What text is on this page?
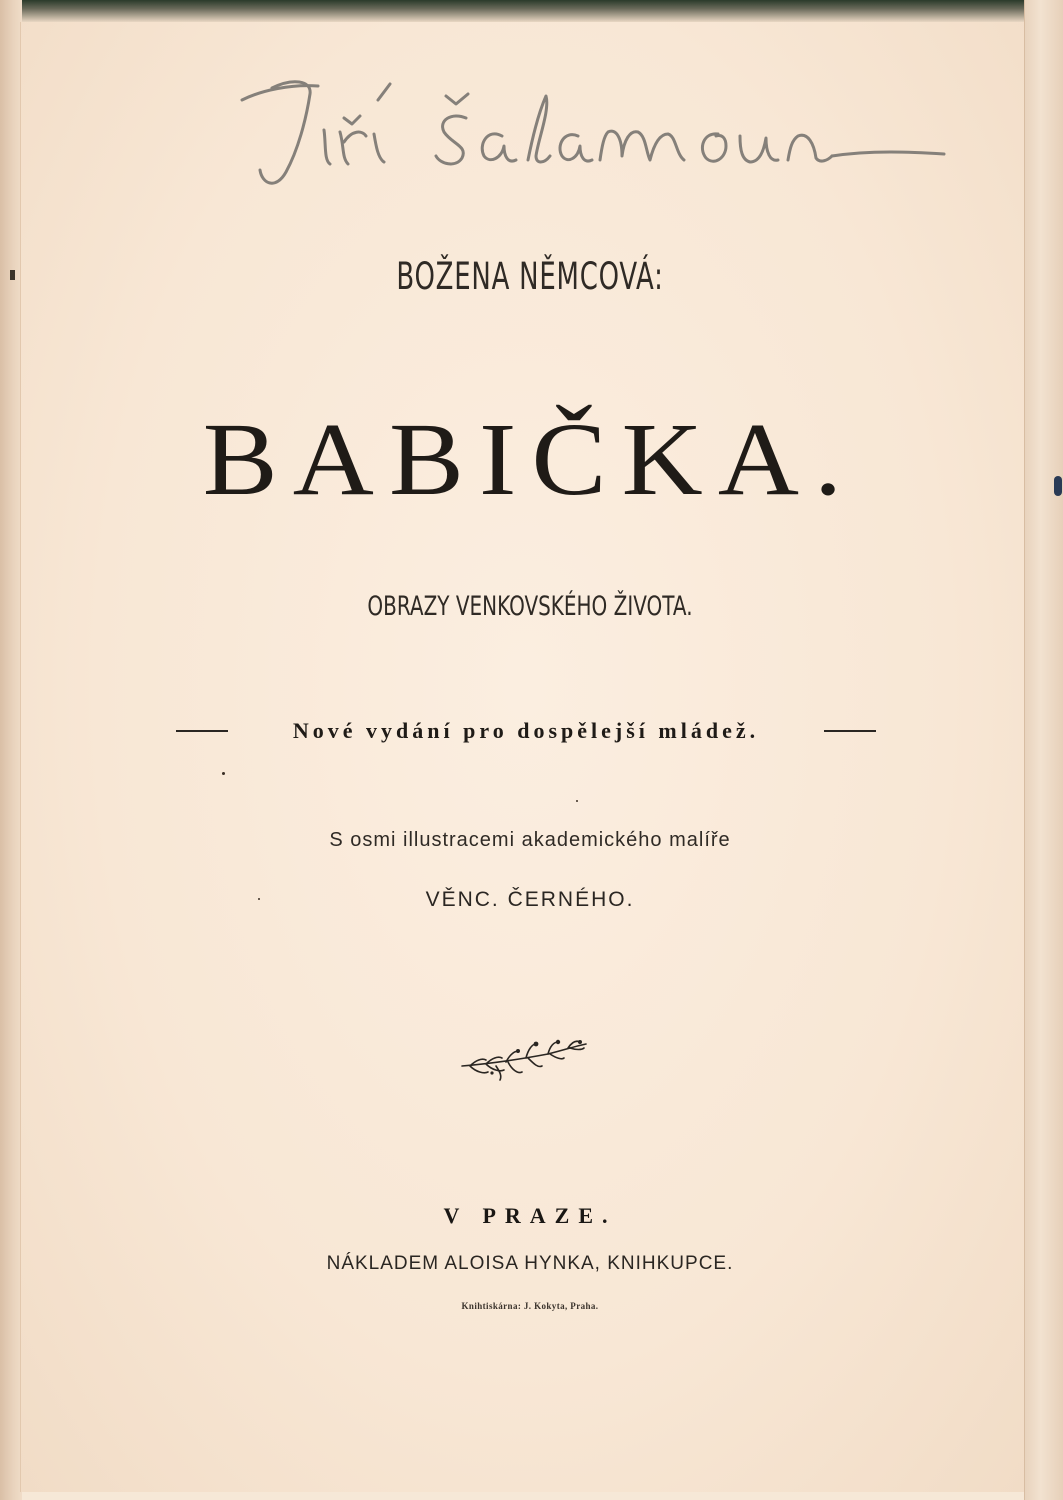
BOŽENA NĚMCOVÁ:
BABIČKA.
OBRAZY VENKOVSKÉHO ŽIVOTA.
Nové vydání pro dospělejší mládež.
S osmi illustracemi akademického malíře
VĚNC. ČERNÉHO.
V PRAZE.
NÁKLADEM ALOISA HYNKA, KNIHKUPCE.
Knihtiskárna: J. Kokyta, Praha.
